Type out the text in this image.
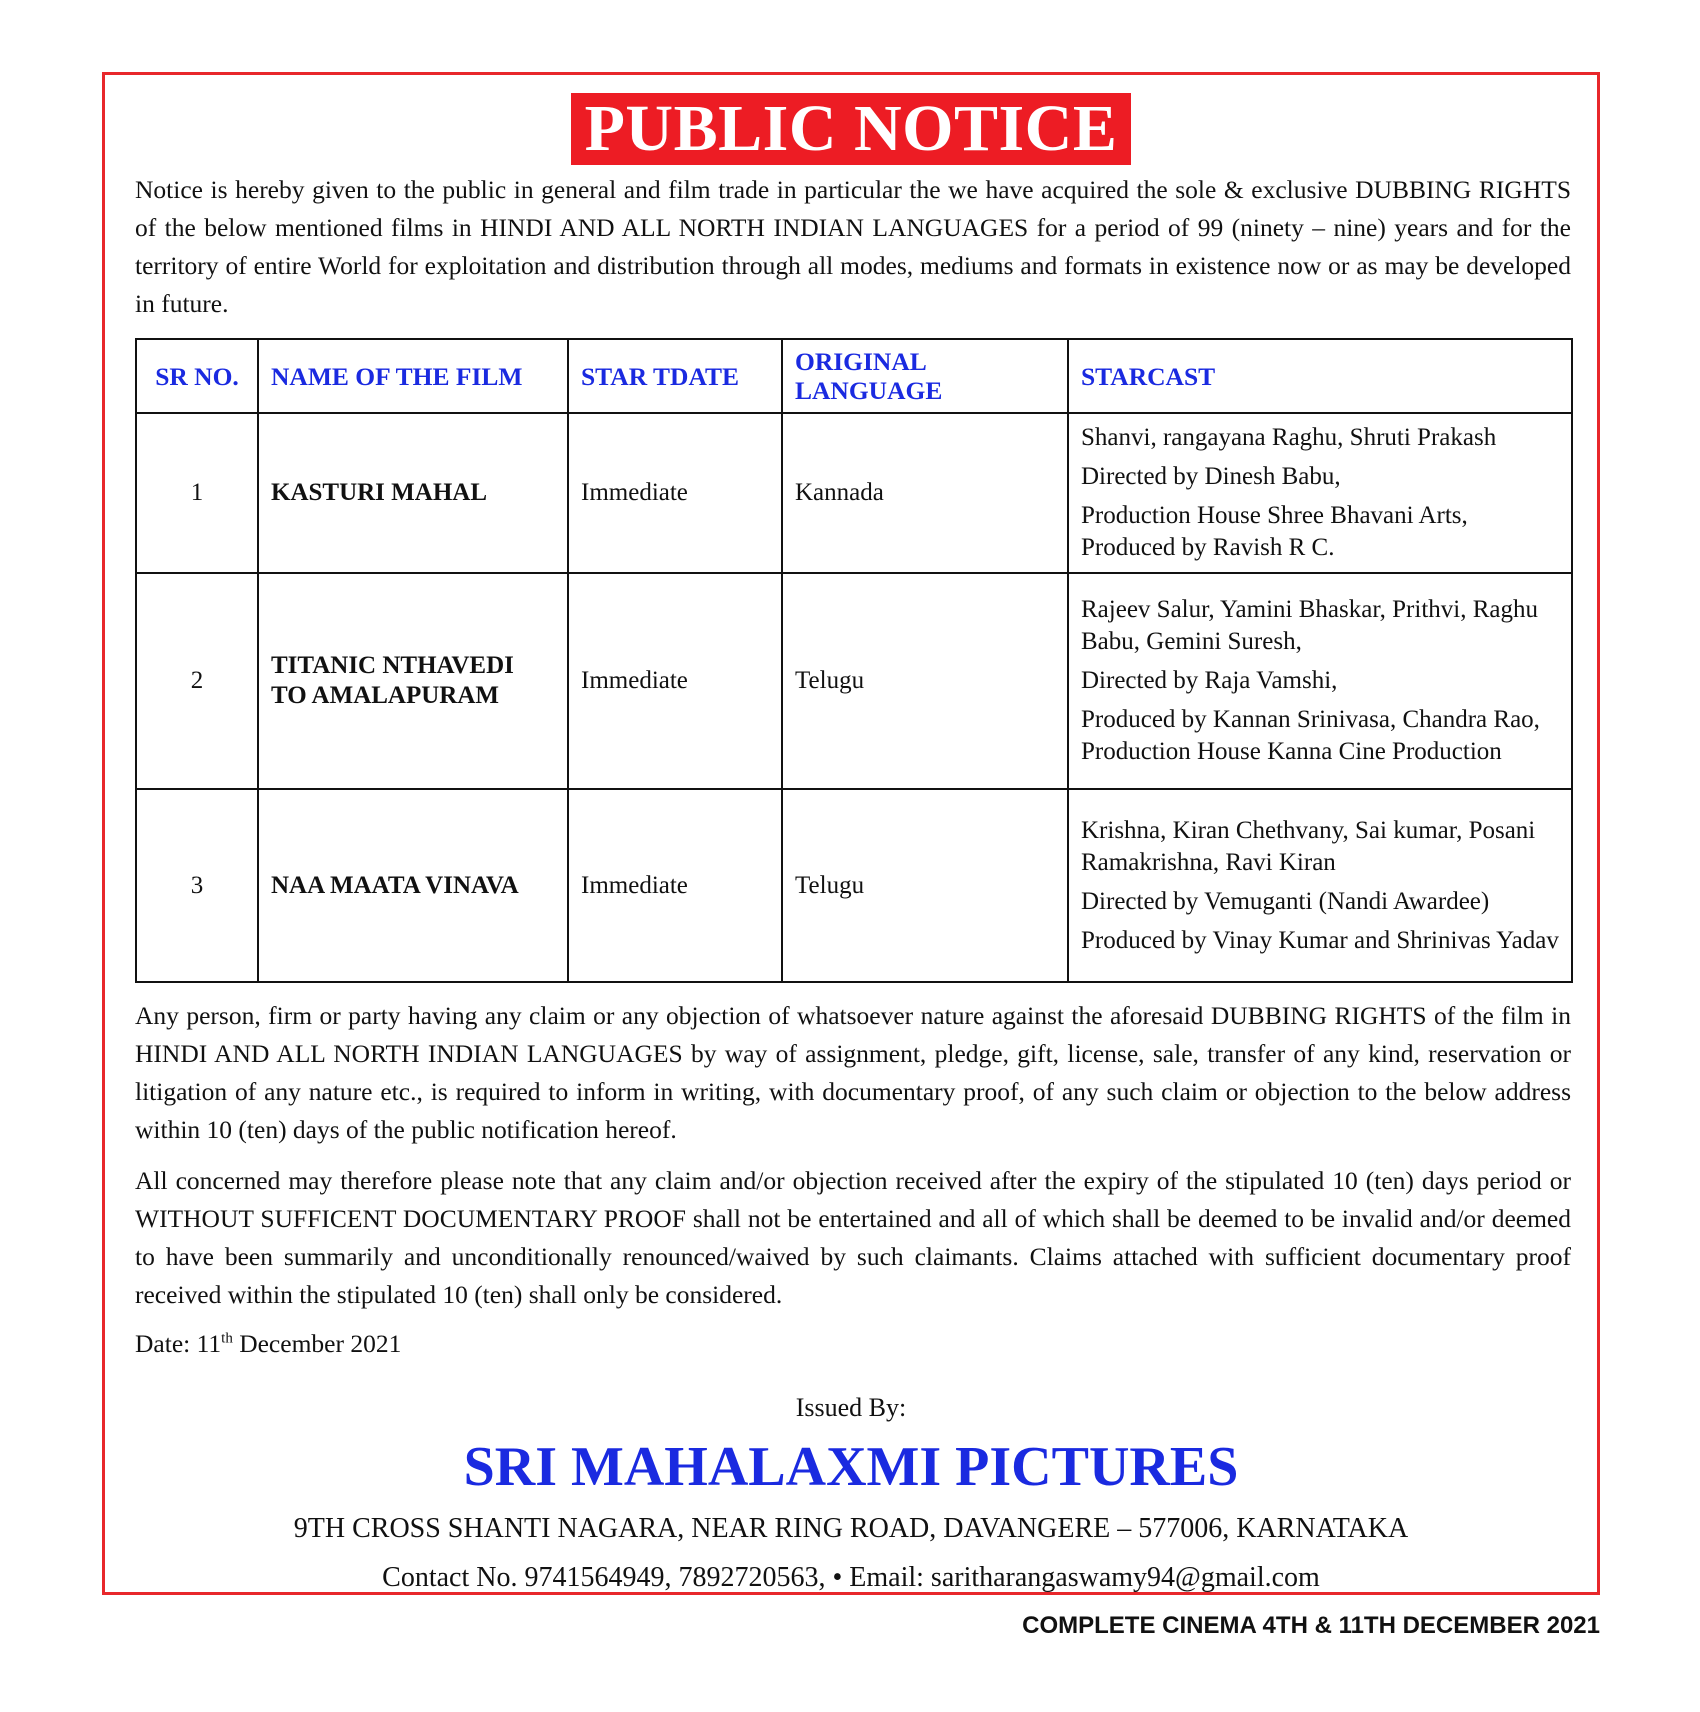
PUBLIC NOTICE

Notice is hereby given to the public in general and film trade in particular the we have acquired the sole & exclusive DUBBING RIGHTS of the below mentioned films in HINDI AND ALL NORTH INDIAN LANGUAGES for a period of 99 (ninety – nine) years and for the territory of entire World for exploitation and distribution through all modes, mediums and formats in existence now or as may be developed in future.

SR NO.	NAME OF THE FILM	STAR TDATE	ORIGINAL LANGUAGE	STARCAST
1	KASTURI MAHAL	Immediate	Kannada	Shanvi, rangayana Raghu, Shruti Prakash

Directed by Dinesh Babu,

Production House Shree Bhavani Arts, Produced by Ravish R C.

2	TITANIC NTHAVEDI TO AMALAPURAM	Immediate	Telugu	Rajeev Salur, Yamini Bhaskar, Prithvi, Raghu Babu, Gemini Suresh,

Directed by Raja Vamshi,

Produced by Kannan Srinivasa, Chandra Rao, Production House Kanna Cine Production

3	NAA MAATA VINAVA	Immediate	Telugu	Krishna, Kiran Chethvany, Sai kumar, Posani Ramakrishna, Ravi Kiran

Directed by Vemuganti (Nandi Awardee)

Produced by Vinay Kumar and Shrinivas Yadav

Any person, firm or party having any claim or any objection of whatsoever nature against the aforesaid DUBBING RIGHTS of the film in HINDI AND ALL NORTH INDIAN LANGUAGES by way of assignment, pledge, gift, license, sale, transfer of any kind, reservation or litigation of any nature etc., is required to inform in writing, with documentary proof, of any such claim or objection to the below address within 10 (ten) days of the public notification hereof.

All concerned may therefore please note that any claim and/or objection received after the expiry of the stipulated 10 (ten) days period or WITHOUT SUFFICENT DOCUMENTARY PROOF shall not be entertained and all of which shall be deemed to be invalid and/or deemed to have been summarily and unconditionally renounced/waived by such claimants. Claims attached with sufficient documentary proof received within the stipulated 10 (ten) shall only be considered.

Date: 11th December 2021
Issued By:
SRI MAHALAXMI PICTURES
9TH CROSS SHANTI NAGARA, NEAR RING ROAD, DAVANGERE – 577006, KARNATAKA
Contact No. 9741564949, 7892720563, • Email: saritharangaswamy94@gmail.com
COMPLETE CINEMA 4TH & 11TH DECEMBER 2021
